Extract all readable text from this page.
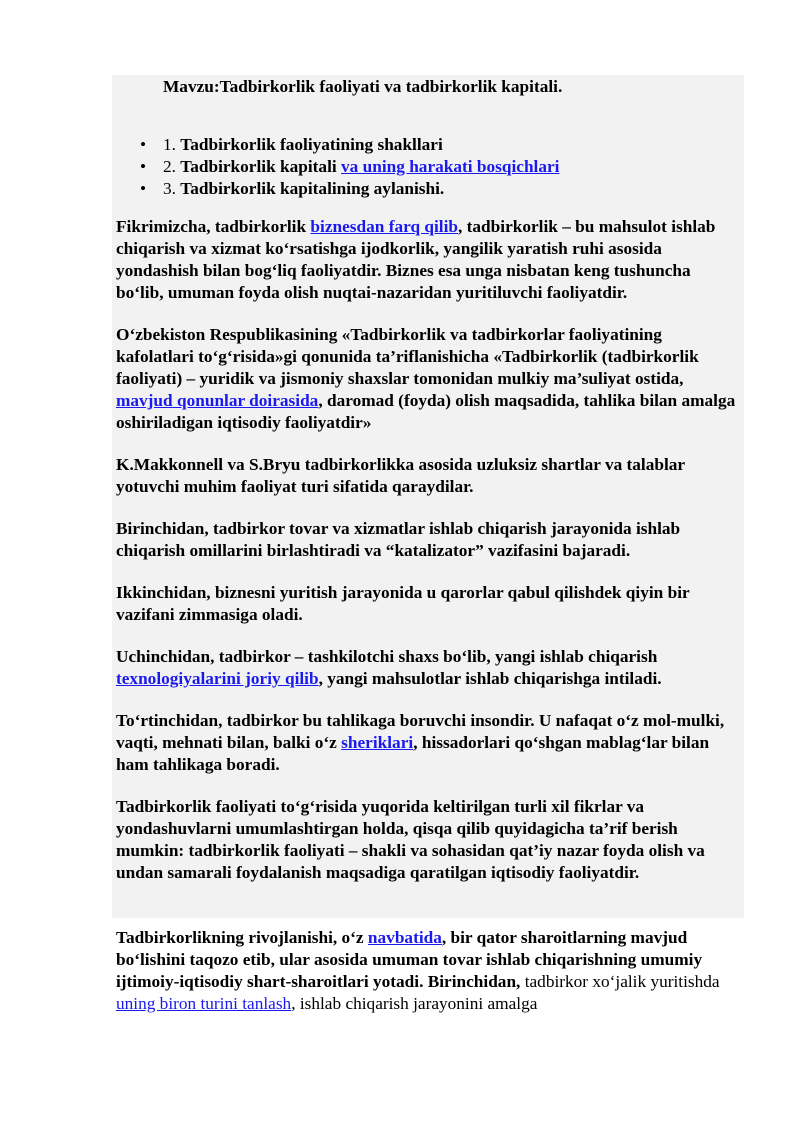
Mavzu:Tadbirkorlik faoliyati va tadbirkorlik kapitali.

• 1. Tadbirkorlik faoliyatining shakllari
• 2. Tadbirkorlik kapitali va uning harakati bosqichlari
• 3. Tadbirkorlik kapitalining aylanishi.

Fikrimizcha, tadbirkorlik biznesdan farq qilib, tadbirkorlik – bu mahsulot ishlab chiqarish va xizmat ko‘rsatishga ijodkorlik, yangilik yaratish ruhi asosida yondashish bilan bog‘liq faoliyatdir. Biznes esa unga nisbatan keng tushuncha bo‘lib, umuman foyda olish nuqtai-nazaridan yuritiluvchi faoliyatdir.

O‘zbekiston Respublikasining «Tadbirkorlik va tadbirkorlar faoliyatining kafolatlari to‘g‘risida»gi qonunida ta’riflanishicha «Tadbirkorlik (tadbirkorlik faoliyati) – yuridik va jismoniy shaxslar tomonidan mulkiy ma’suliyat ostida, mavjud qonunlar doirasida, daromad (foyda) olish maqsadida, tahlika bilan amalga oshiriladigan iqtisodiy faoliyatdir»

K.Makkonnell va S.Bryu tadbirkorlikka asosida uzluksiz shartlar va talablar yotuvchi muhim faoliyat turi sifatida qaraydilar.

Birinchidan, tadbirkor tovar va xizmatlar ishlab chiqarish jarayonida ishlab chiqarish omillarini birlashtiradi va “katalizator” vazifasini bajaradi.

Ikkinchidan, biznesni yuritish jarayonida u qarorlar qabul qilishdek qiyin bir vazifani zimmasiga oladi.

Uchinchidan, tadbirkor – tashkilotchi shaxs bo‘lib, yangi ishlab chiqarish texnologiyalarini joriy qilib, yangi mahsulotlar ishlab chiqarishga intiladi.

To‘rtinchidan, tadbirkor bu tahlikaga boruvchi insondir. U nafaqat o‘z mol-mulki, vaqti, mehnati bilan, balki o‘z sheriklari, hissadorlari qo‘shgan mablag‘lar bilan ham tahlikaga boradi.

Tadbirkorlik faoliyati to‘g‘risida yuqorida keltirilgan turli xil fikrlar va yondashuvlarni umumlashtirgan holda, qisqa qilib quyidagicha ta’rif berish mumkin: tadbirkorlik faoliyati – shakli va sohasidan qat’iy nazar foyda olish va undan samarali foydalanish maqsadiga qaratilgan iqtisodiy faoliyatdir.

Tadbirkorlikning rivojlanishi, o‘z navbatida, bir qator sharoitlarning mavjud bo‘lishini taqozo etib, ular asosida umuman tovar ishlab chiqarishning umumiy ijtimoiy-iqtisodiy shart-sharoitlari yotadi. Birinchidan, tadbirkor xo‘jalik yuritishda uning biron turini tanlash, ishlab chiqarish jarayonini amalga
